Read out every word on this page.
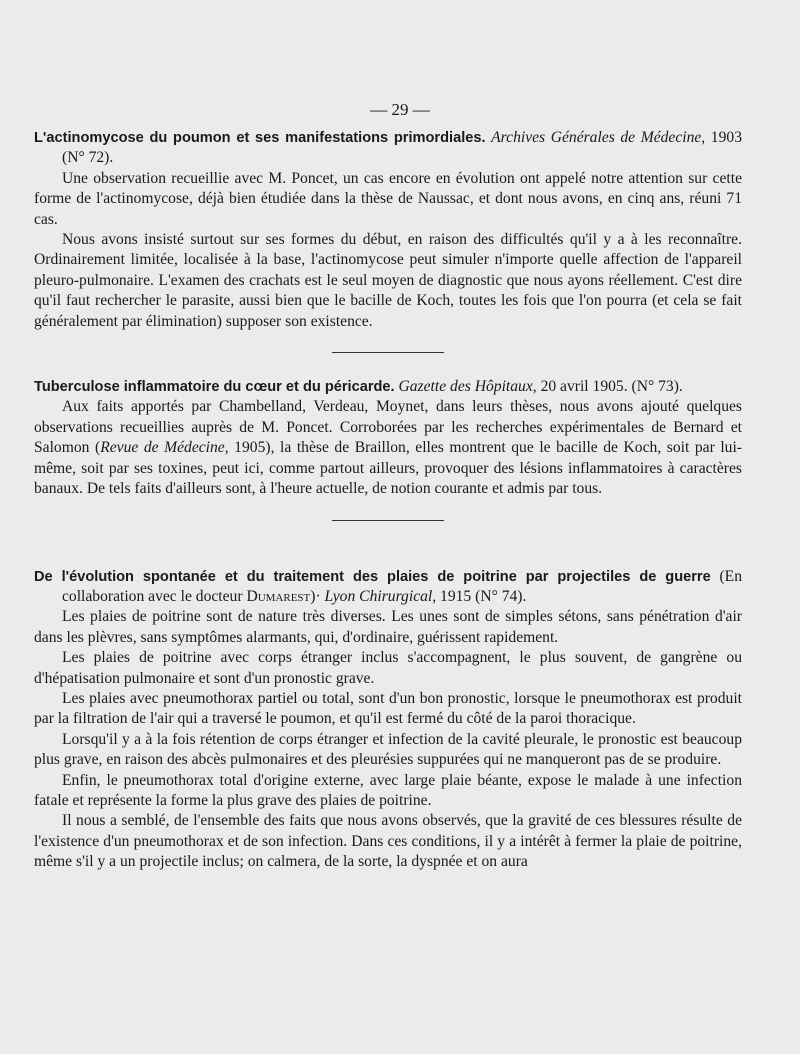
— 29 —

L'actinomycose du poumon et ses manifestations primordiales. Archives Générales de Médecine, 1903 (N° 72).

Une observation recueillie avec M. Poncet, un cas encore en évolution ont appelé notre attention sur cette forme de l'actinomycose, déjà bien étudiée dans la thèse de Naussac, et dont nous avons, en cinq ans, réuni 71 cas.

Nous avons insisté surtout sur ses formes du début, en raison des difficultés qu'il y a à les reconnaître. Ordinairement limitée, localisée à la base, l'actinomycose peut simuler n'importe quelle affection de l'appareil pleuro-pulmonaire. L'examen des crachats est le seul moyen de diagnostic que nous ayons réellement. C'est dire qu'il faut rechercher le parasite, aussi bien que le bacille de Koch, toutes les fois que l'on pourra (et cela se fait généralement par élimination) supposer son existence.

Tuberculose inflammatoire du cœur et du péricarde. Gazette des Hôpitaux, 20 avril 1905. (N° 73).

Aux faits apportés par Chambelland, Verdeau, Moynet, dans leurs thèses, nous avons ajouté quelques observations recueillies auprès de M. Poncet. Corroborées par les recherches expérimentales de Bernard et Salomon (Revue de Médecine, 1905), la thèse de Braillon, elles montrent que le bacille de Koch, soit par lui-même, soit par ses toxines, peut ici, comme partout ailleurs, provoquer des lésions inflammatoires à caractères banaux. De tels faits d'ailleurs sont, à l'heure actuelle, de notion courante et admis par tous.

De l'évolution spontanée et du traitement des plaies de poitrine par projectiles de guerre (En collaboration avec le docteur Dumarest)· Lyon Chirurgical, 1915 (N° 74).

Les plaies de poitrine sont de nature très diverses. Les unes sont de simples sétons, sans pénétration d'air dans les plèvres, sans symptômes alarmants, qui, d'ordinaire, guérissent rapidement.

Les plaies de poitrine avec corps étranger inclus s'accompagnent, le plus souvent, de gangrène ou d'hépatisation pulmonaire et sont d'un pronostic grave.

Les plaies avec pneumothorax partiel ou total, sont d'un bon pronostic, lorsque le pneumothorax est produit par la filtration de l'air qui a traversé le poumon, et qu'il est fermé du côté de la paroi thoracique.

Lorsqu'il y a à la fois rétention de corps étranger et infection de la cavité pleurale, le pronostic est beaucoup plus grave, en raison des abcès pulmonaires et des pleurésies suppurées qui ne manqueront pas de se produire.

Enfin, le pneumothorax total d'origine externe, avec large plaie béante, expose le malade à une infection fatale et représente la forme la plus grave des plaies de poitrine.

Il nous a semblé, de l'ensemble des faits que nous avons observés, que la gravité de ces blessures résulte de l'existence d'un pneumothorax et de son infection. Dans ces conditions, il y a intérêt à fermer la plaie de poitrine, même s'il y a un projectile inclus; on calmera, de la sorte, la dyspnée et on aura
